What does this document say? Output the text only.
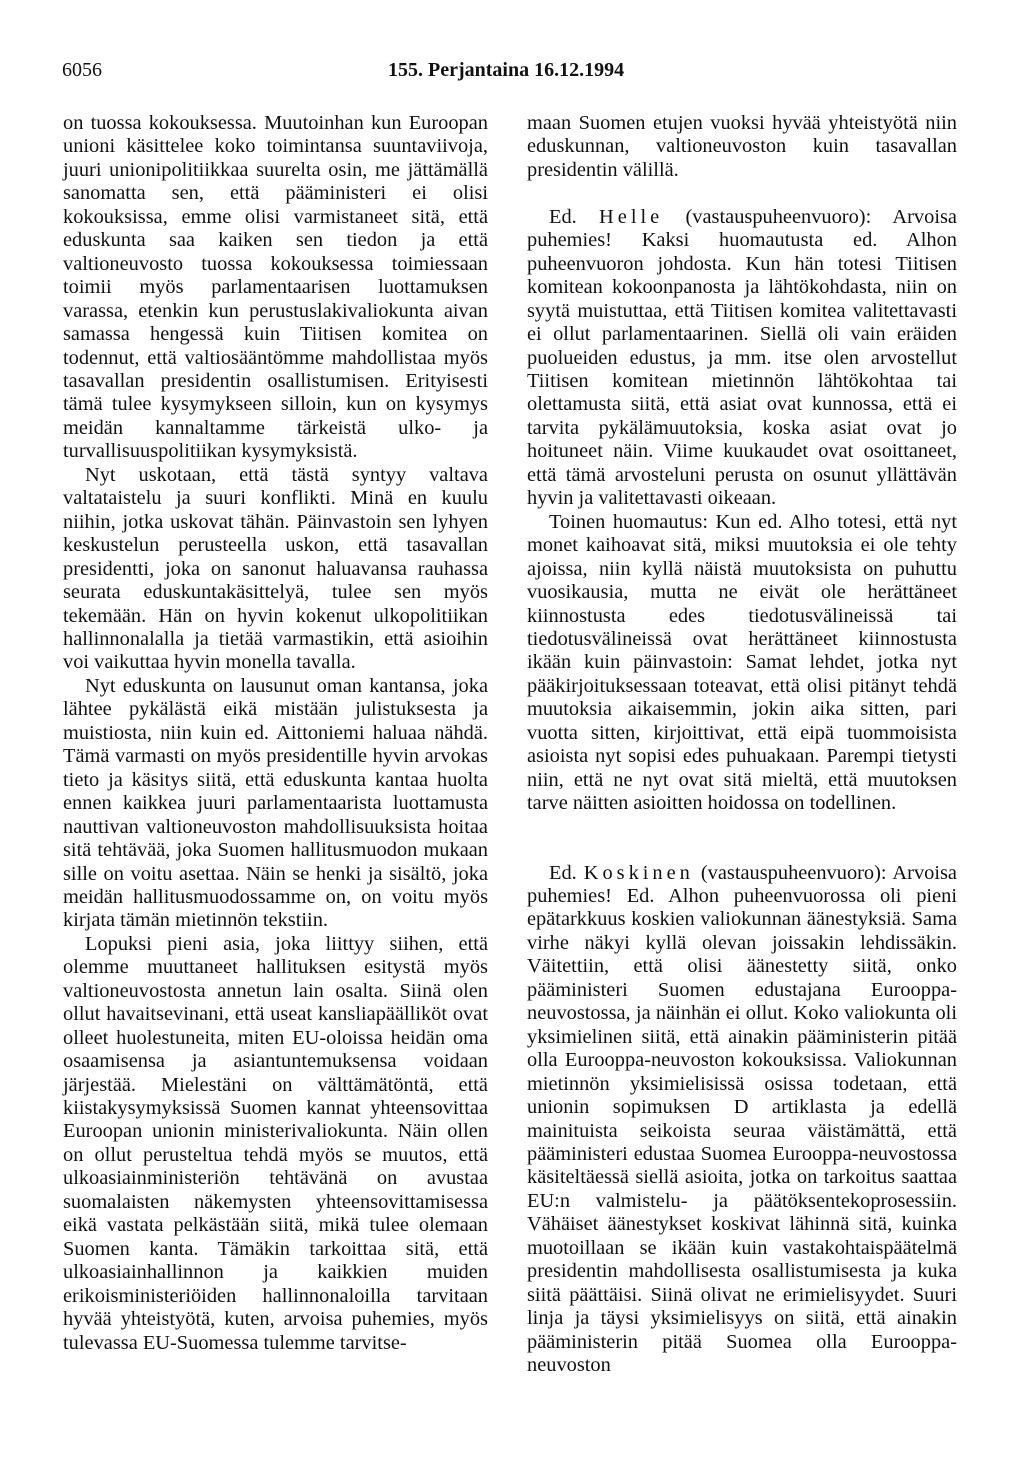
6056	155. Perjantaina 16.12.1994

on tuossa kokouksessa. Muutoinhan kun Euroopan unioni käsittelee koko toimintansa suuntaviivoja, juuri unionipolitiikkaa suurelta osin, me jättämällä sanomatta sen, että pääministeri ei olisi kokouksissa, emme olisi varmistaneet sitä, että eduskunta saa kaiken sen tiedon ja että valtioneuvosto tuossa kokouksessa toimiessaan toimii myös parlamentaarisen luottamuksen varassa, etenkin kun perustuslakivaliokunta aivan samassa hengessä kuin Tiitisen komitea on todennut, että valtiosääntömme mahdollistaa myös tasavallan presidentin osallistumisen. Erityisesti tämä tulee kysymykseen silloin, kun on kysymys meidän kannaltamme tärkeistä ulko- ja turvallisuuspolitiikan kysymyksistä.

Nyt uskotaan, että tästä syntyy valtava valtataistelu ja suuri konflikti. Minä en kuulu niihin, jotka uskovat tähän. Päinvastoin sen lyhyen keskustelun perusteella uskon, että tasavallan presidentti, joka on sanonut haluavansa rauhassa seurata eduskuntakäsittelyä, tulee sen myös tekemään. Hän on hyvin kokenut ulkopolitiikan hallinnonalalla ja tietää varmastikin, että asioihin voi vaikuttaa hyvin monella tavalla.

Nyt eduskunta on lausunut oman kantansa, joka lähtee pykälästä eikä mistään julistuksesta ja muistiosta, niin kuin ed. Aittoniemi haluaa nähdä. Tämä varmasti on myös presidentille hyvin arvokas tieto ja käsitys siitä, että eduskunta kantaa huolta ennen kaikkea juuri parlamentaarista luottamusta nauttivan valtioneuvoston mahdollisuuksista hoitaa sitä tehtävää, joka Suomen hallitusmuodon mukaan sille on voitu asettaa. Näin se henki ja sisältö, joka meidän hallitusmuodossamme on, on voitu myös kirjata tämän mietinnön tekstiin.

Lopuksi pieni asia, joka liittyy siihen, että olemme muuttaneet hallituksen esitystä myös valtioneuvostosta annetun lain osalta. Siinä olen ollut havaitsevinani, että useat kansliapäälliköt ovat olleet huolestuneita, miten EU-oloissa heidän oma osaamisensa ja asiantuntemuksensa voidaan järjestää. Mielestäni on välttämätöntä, että kiistakysymyksissä Suomen kannat yhteensovittaa Euroopan unionin ministerivaliokunta. Näin ollen on ollut perusteltua tehdä myös se muutos, että ulkoasiainministeriön tehtävänä on avustaa suomalaisten näkemysten yhteensovittamisessa eikä vastata pelkästään siitä, mikä tulee olemaan Suomen kanta. Tämäkin tarkoittaa sitä, että ulkoasiainhallinnon ja kaikkien muiden erikoisministeriöiden hallinnonaloilla tarvitaan hyvää yhteistyötä, kuten, arvoisa puhemies, myös tulevassa EU-Suomessa tulemme tarvitse-

maan Suomen etujen vuoksi hyvää yhteistyötä niin eduskunnan, valtioneuvoston kuin tasavallan presidentin välillä.

Ed. Helle (vastauspuheenvuoro): Arvoisa puhemies! Kaksi huomautusta ed. Alhon puheenvuoron johdosta. Kun hän totesi Tiitisen komitean kokoonpanosta ja lähtökohdasta, niin on syytä muistuttaa, että Tiitisen komitea valitettavasti ei ollut parlamentaarinen. Siellä oli vain eräiden puolueiden edustus, ja mm. itse olen arvostellut Tiitisen komitean mietinnön lähtökohtaa tai olettamusta siitä, että asiat ovat kunnossa, että ei tarvita pykälämuutoksia, koska asiat ovat jo hoituneet näin. Viime kuukaudet ovat osoittaneet, että tämä arvosteluni perusta on osunut yllättävän hyvin ja valitettavasti oikeaan.

Toinen huomautus: Kun ed. Alho totesi, että nyt monet kaihoavat sitä, miksi muutoksia ei ole tehty ajoissa, niin kyllä näistä muutoksista on puhuttu vuosikausia, mutta ne eivät ole herättäneet kiinnostusta edes tiedotusvälineissä tai tiedotusvälineissä ovat herättäneet kiinnostusta ikään kuin päinvastoin: Samat lehdet, jotka nyt pääkirjoituksessaan toteavat, että olisi pitänyt tehdä muutoksia aikaisemmin, jokin aika sitten, pari vuotta sitten, kirjoittivat, että eipä tuommoisista asioista nyt sopisi edes puhuakaan. Parempi tietysti niin, että ne nyt ovat sitä mieltä, että muutoksen tarve näitten asioitten hoidossa on todellinen.

Ed. Koskinen (vastauspuheenvuoro): Arvoisa puhemies! Ed. Alhon puheenvuorossa oli pieni epätarkkuus koskien valiokunnan äänestyksiä. Sama virhe näkyi kyllä olevan joissakin lehdissäkin. Väitettiin, että olisi äänestetty siitä, onko pääministeri Suomen edustajana Eurooppa-neuvostossa, ja näinhän ei ollut. Koko valiokunta oli yksimielinen siitä, että ainakin pääministerin pitää olla Eurooppa-neuvoston kokouksissa. Valiokunnan mietinnön yksimielisissä osissa todetaan, että unionin sopimuksen D artiklasta ja edellä mainituista seikoista seuraa väistämättä, että pääministeri edustaa Suomea Eurooppa-neuvostossa käsiteltäessä siellä asioita, jotka on tarkoitus saattaa EU:n valmistelu- ja päätöksentekoprosessiin. Vähäiset äänestykset koskivat lähinnä sitä, kuinka muotoillaan se ikään kuin vastakohtaispäätelmä presidentin mahdollisesta osallistumisesta ja kuka siitä päättäisi. Siinä olivat ne erimielisyydet. Suuri linja ja täysi yksimielisyys on siitä, että ainakin pääministerin pitää Suomea olla Eurooppa-neuvoston
